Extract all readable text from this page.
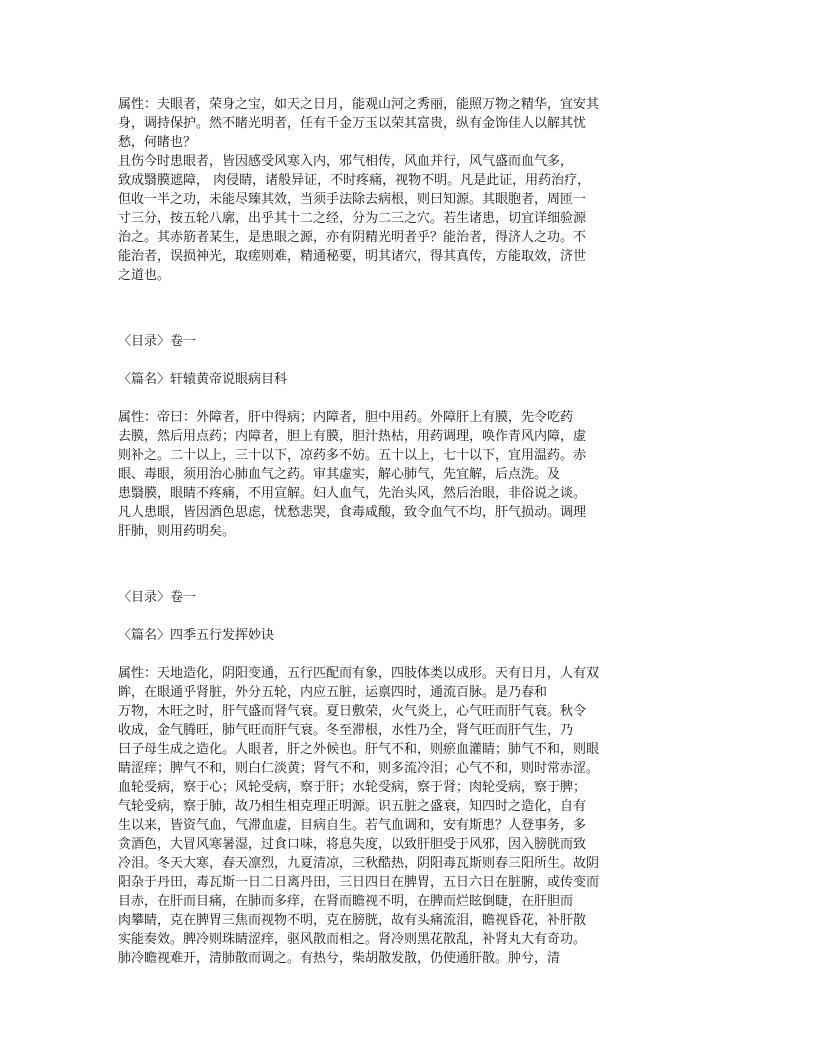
属性：夫眼者，荣身之宝，如天之日月，能观山河之秀丽，能照万物之精华，宜安其
身，调持保护。然不睹光明者，任有千金万玉以荣其富贵，纵有金饰佳人以解其忧
愁，何睹也？
且伤今时患眼者，皆因感受风寒入内，邪气相传，风血并行，风气盛而血气多，
致成翳膜遮障， 肉侵睛，诸般异证，不时疼痛，视物不明。凡是此证，用药治疗，
但收一半之功，未能尽臻其效，当须手法除去病根，则曰知源。其眼胞者，周匝一
寸三分，按五轮八廓，出乎其十二之经，分为二三之穴。若生诸患，切宜详细验源
治之。其赤筋者某生，是患眼之源，亦有阴精光明者乎？能治者，得济人之功。不
能治者，误损神光，取瘥则难，精通秘要，明其诸穴，得其真传，方能取效，济世
之道也。
〈目录〉卷一
〈篇名〉轩辕黄帝说眼病目科
属性：帝曰：外障者，肝中得病；内障者，胆中用药。外障肝上有膜，先令吃药
去膜，然后用点药；内障者，胆上有膜，胆汁热枯，用药调理，唤作青风内障，虚
则补之。二十以上，三十以下，凉药多不妨。五十以上，七十以下，宜用温药。赤
眼、毒眼，须用治心肺血气之药。审其虚实，解心肺气，先宜解，后点洗。及
患翳膜，眼睛不疼痛，不用宣解。妇人血气，先治头风，然后治眼，非俗说之谈。
凡人患眼，皆因酒色思虑，忧愁悲哭，食毒咸酸，致令血气不均，肝气损动。调理
肝肺，则用药明矣。
〈目录〉卷一
〈篇名〉四季五行发挥妙诀
属性：天地造化，阴阳变通，五行匹配而有象，四肢体类以成形。天有日月，人有双
眸，在眼通乎肾脏，外分五轮，内应五脏，运禀四时，通流百脉。是乃春和
万物，木旺之时，肝气盛而肾气衰。夏日敷荣，火气炎上，心气旺而肝气衰。秋令
收成，金气腾旺，肺气旺而肝气衰。冬至滞根，水性乃全，肾气旺而肝气生，乃
曰子母生成之造化。人眼者，肝之外候也。肝气不和，则瘀血灌睛；肺气不和，则眼
睛涩痒；脾气不和，则白仁淡黄；肾气不和，则多流冷泪；心气不和，则时常赤涩。
血轮受病，察于心；风轮受病，察于肝；水轮受病，察于肾；肉轮受病，察于脾；
气轮受病，察于肺，故乃相生相克理正明源。识五脏之盛衰，知四时之造化，自有
生以来，皆资气血，气滞血虚，目病自生。若气血调和，安有斯患？人登事务，多
贪酒色，大冒风寒暑湿，过食口味，将息失度，以致肝胆受于风邪，因入膀胱而致
冷泪。冬天大寒，春天凛烈，九夏清凉，三秋酷热，阴阳毒瓦斯则春三阳所生。故阴
阳杂于丹田，毒瓦斯一日二日离丹田，三日四日在脾胃，五日六日在脏腑，或传变而
目赤，在肝而目痛，在肺而多痒，在肾而瞻视不明，在脾而烂眩倒睫，在肝胆而
肉攀睛，克在脾胃三焦而视物不明，克在膀胱，故有头痛流泪，瞻视昏花，补肝散
实能奏效。脾冷则珠睛涩痒，驱风散而相之。肾冷则黑花散乱，补肾丸大有奇功。
肺冷瞻视难开，清肺散而调之。有热兮，柴胡散发散，仍使通肝散。肿兮，清
